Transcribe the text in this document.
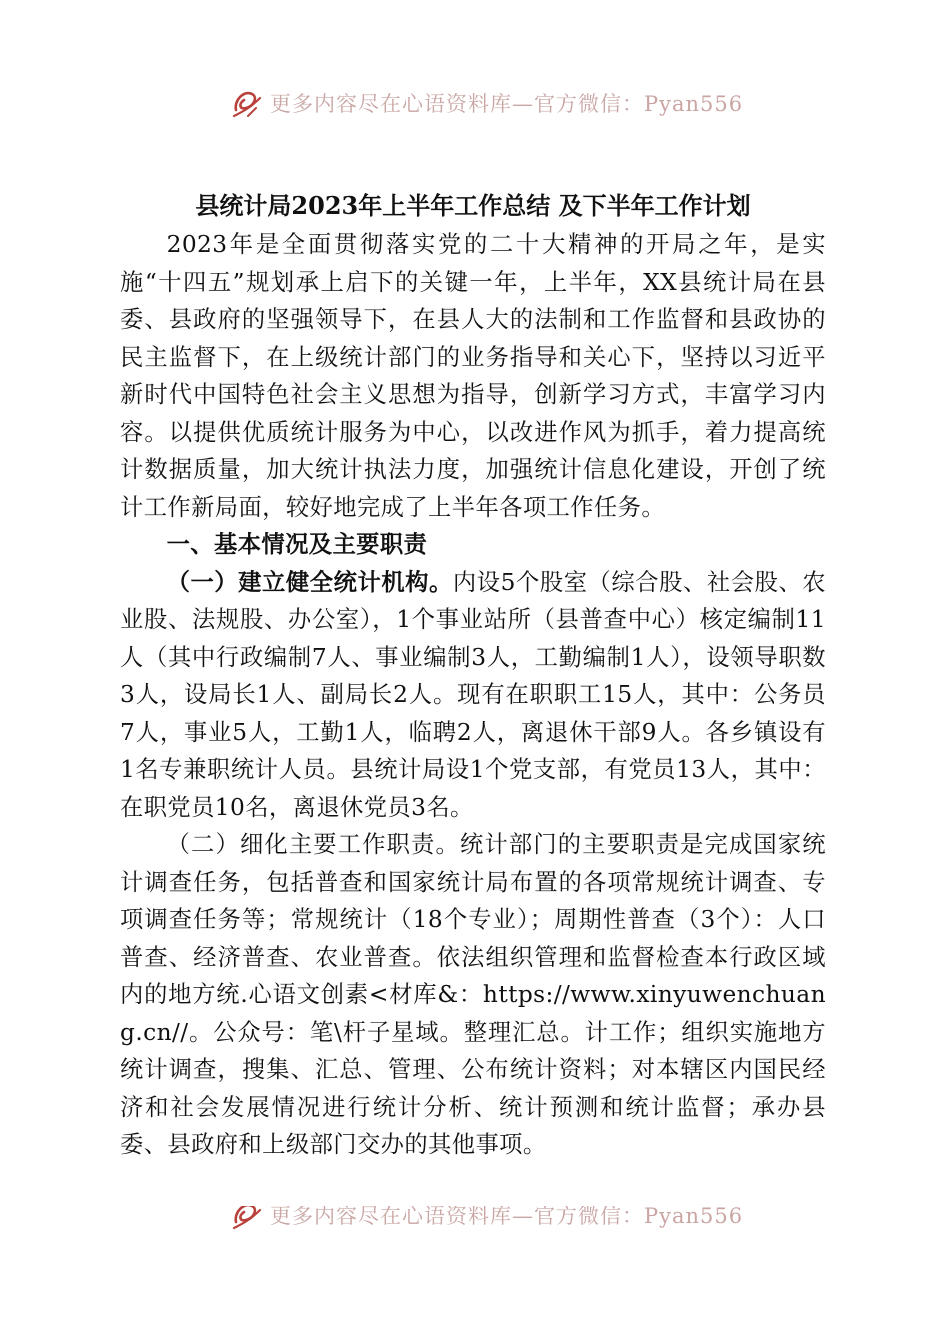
更多内容尽在心语资料库—官方微信：Pyan556
县统计局2023年上半年工作总结 及下半年工作计划

2023年是全面贯彻落实党的二十大精神的开局之年，是实施“十四五”规划承上启下的关键一年，上半年，XX县统计局在县委、县政府的坚强领导下，在县人大的法制和工作监督和县政协的民主监督下，在上级统计部门的业务指导和关心下，坚持以习近平新时代中国特色社会主义思想为指导，创新学习方式，丰富学习内容。以提供优质统计服务为中心，以改进作风为抓手，着力提高统计数据质量，加大统计执法力度，加强统计信息化建设，开创了统计工作新局面，较好地完成了上半年各项工作任务。

一、基本情况及主要职责

（一）建立健全统计机构。内设5个股室（综合股、社会股、农业股、法规股、办公室），1个事业站所（县普查中心）核定编制11人（其中行政编制7人、事业编制3人，工勤编制1人），设领导职数3人，设局长1人、副局长2人。现有在职职工15人，其中：公务员7人，事业5人，工勤1人，临聘2人，离退休干部9人。各乡镇设有1名专兼职统计人员。县统计局设1个党支部，有党员13人，其中：在职党员10名，离退休党员3名。

（二）细化主要工作职责。统计部门的主要职责是完成国家统计调查任务，包括普查和国家统计局布置的各项常规统计调查、专项调查任务等；常规统计（18个专业）；周期性普查（3个）：人口普查、经济普查、农业普查。依法组织管理和监督检查本行政区域内的地方统.心语文创素<材库&：https://www.xinyuwenchuang.cn//。公众号：笔\杆子星域。整理汇总。计工作；组织实施地方统计调查，搜集、汇总、管理、公布统计资料；对本辖区内国民经济和社会发展情况进行统计分析、统计预测和统计监督；承办县委、县政府和上级部门交办的其他事项。

更多内容尽在心语资料库—官方微信：Pyan556
